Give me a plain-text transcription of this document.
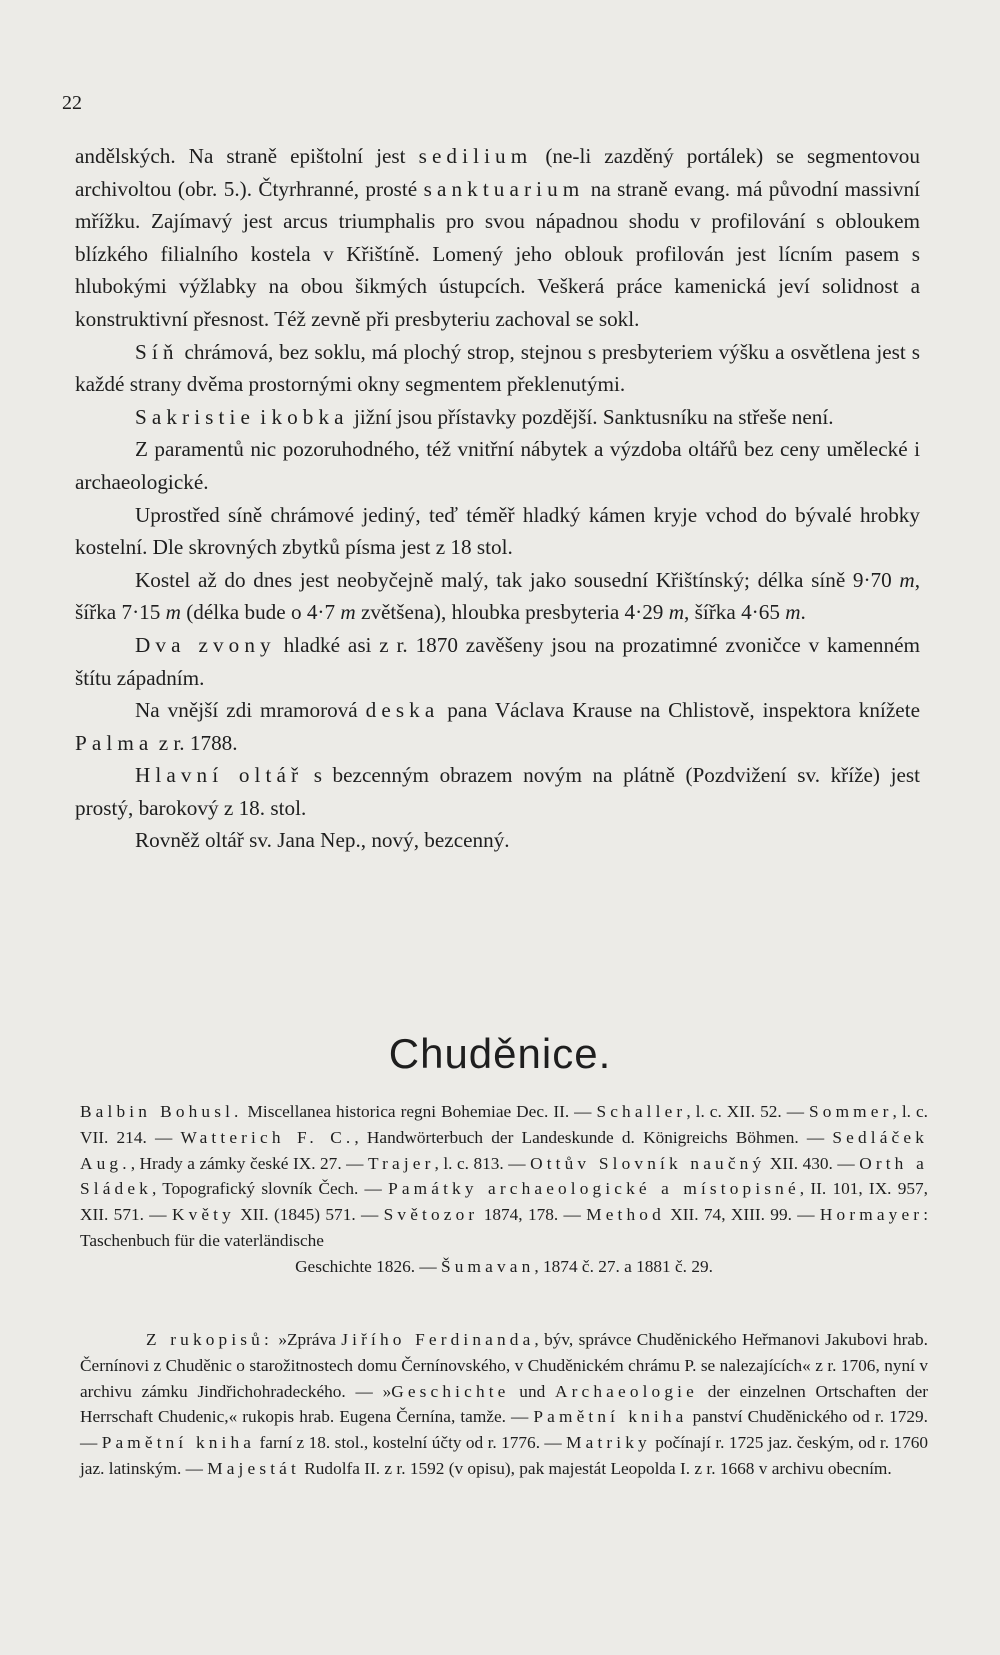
22

andělských. Na straně epištolní jest sedilium (ne-li zazděný portálek) se segmentovou archivoltou (obr. 5.). Čtyrhranné, prosté sanktuarium na straně evang. má původní massivní mřížku. Zajímavý jest arcus triumphalis pro svou nápadnou shodu v profilování s obloukem blízkého filialního kostela v Křištíně. Lomený jeho oblouk profilován jest lícním pasem s hlubokými výžlabky na obou šikmých ústupcích. Veškerá práce kamenická jeví solidnost a konstruktivní přesnost. Též zevně při presbyteriu zachoval se sokl.

Síň chrámová, bez soklu, má plochý strop, stejnou s presbyteriem výšku a osvětlena jest s každé strany dvěma prostornými okny segmentem překlenutými.

Sakristie i kobka jižní jsou přístavky pozdější. Sanktusníku na střeše není.

Z paramentů nic pozoruhodného, též vnitřní nábytek a výzdoba oltářů bez ceny umělecké i archaeologické.

Uprostřed síně chrámové jediný, teď téměř hladký kámen kryje vchod do bývalé hrobky kostelní. Dle skrovných zbytků písma jest z 18 stol.

Kostel až do dnes jest neobyčejně malý, tak jako sousední Křištínský; délka síně 9·70 m, šířka 7·15 m (délka bude o 4·7 m zvětšena), hloubka presbyteria 4·29 m, šířka 4·65 m.

Dva zvony hladké asi z r. 1870 zavěšeny jsou na prozatimné zvoničce v kamenném štítu západním.

Na vnější zdi mramorová deska pana Václava Krause na Chlistově, inspektora knížete Palma z r. 1788.

Hlavní oltář s bezcenným obrazem novým na plátně (Pozdvižení sv. kříže) jest prostý, barokový z 18. stol.

Rovněž oltář sv. Jana Nep., nový, bezcenný.

Chuděnice.

Balbin Bohusl. Miscellanea historica regni Bohemiae Dec. II. — Schaller, l. c. XII. 52. — Sommer, l. c. VII. 214. — Watterich F. C., Handwörterbuch der Landeskunde d. Königreichs Böhmen. — Sedláček Aug., Hrady a zámky české IX. 27. — Trajer, l. c. 813. — Ottův Slovník naučný XII. 430. — Orth a Sládek, Topografický slovník Čech. — Památky archaeologické a místopisné, II. 101, IX. 957, XII. 571. — Květy XII. (1845) 571. — Světozor 1874, 178. — Method XII. 74, XIII. 99. — Hormayer: Taschenbuch für die vaterländische

Geschichte 1826. — Šumavan, 1874 č. 27. a 1881 č. 29.

Z rukopisů: »Zpráva Jiřího Ferdinanda, býv, správce Chuděnického Heřmanovi Jakubovi hrab. Černínovi z Chuděnic o starožitnostech domu Černínovského, v Chuděnickém chrámu P. se nalezajících« z r. 1706, nyní v archivu zámku Jindřichohradeckého. — »Geschichte und Archaeologie der einzelnen Ortschaften der Herrschaft Chudenic,« rukopis hrab. Eugena Černína, tamže. — Pamětní kniha panství Chuděnického od r. 1729. — Pamětní kniha farní z 18. stol., kostelní účty od r. 1776. — Matriky počínají r. 1725 jaz. českým, od r. 1760 jaz. latinským. — Majestát Rudolfa II. z r. 1592 (v opisu), pak majestát Leopolda I. z r. 1668 v archivu obecním.
